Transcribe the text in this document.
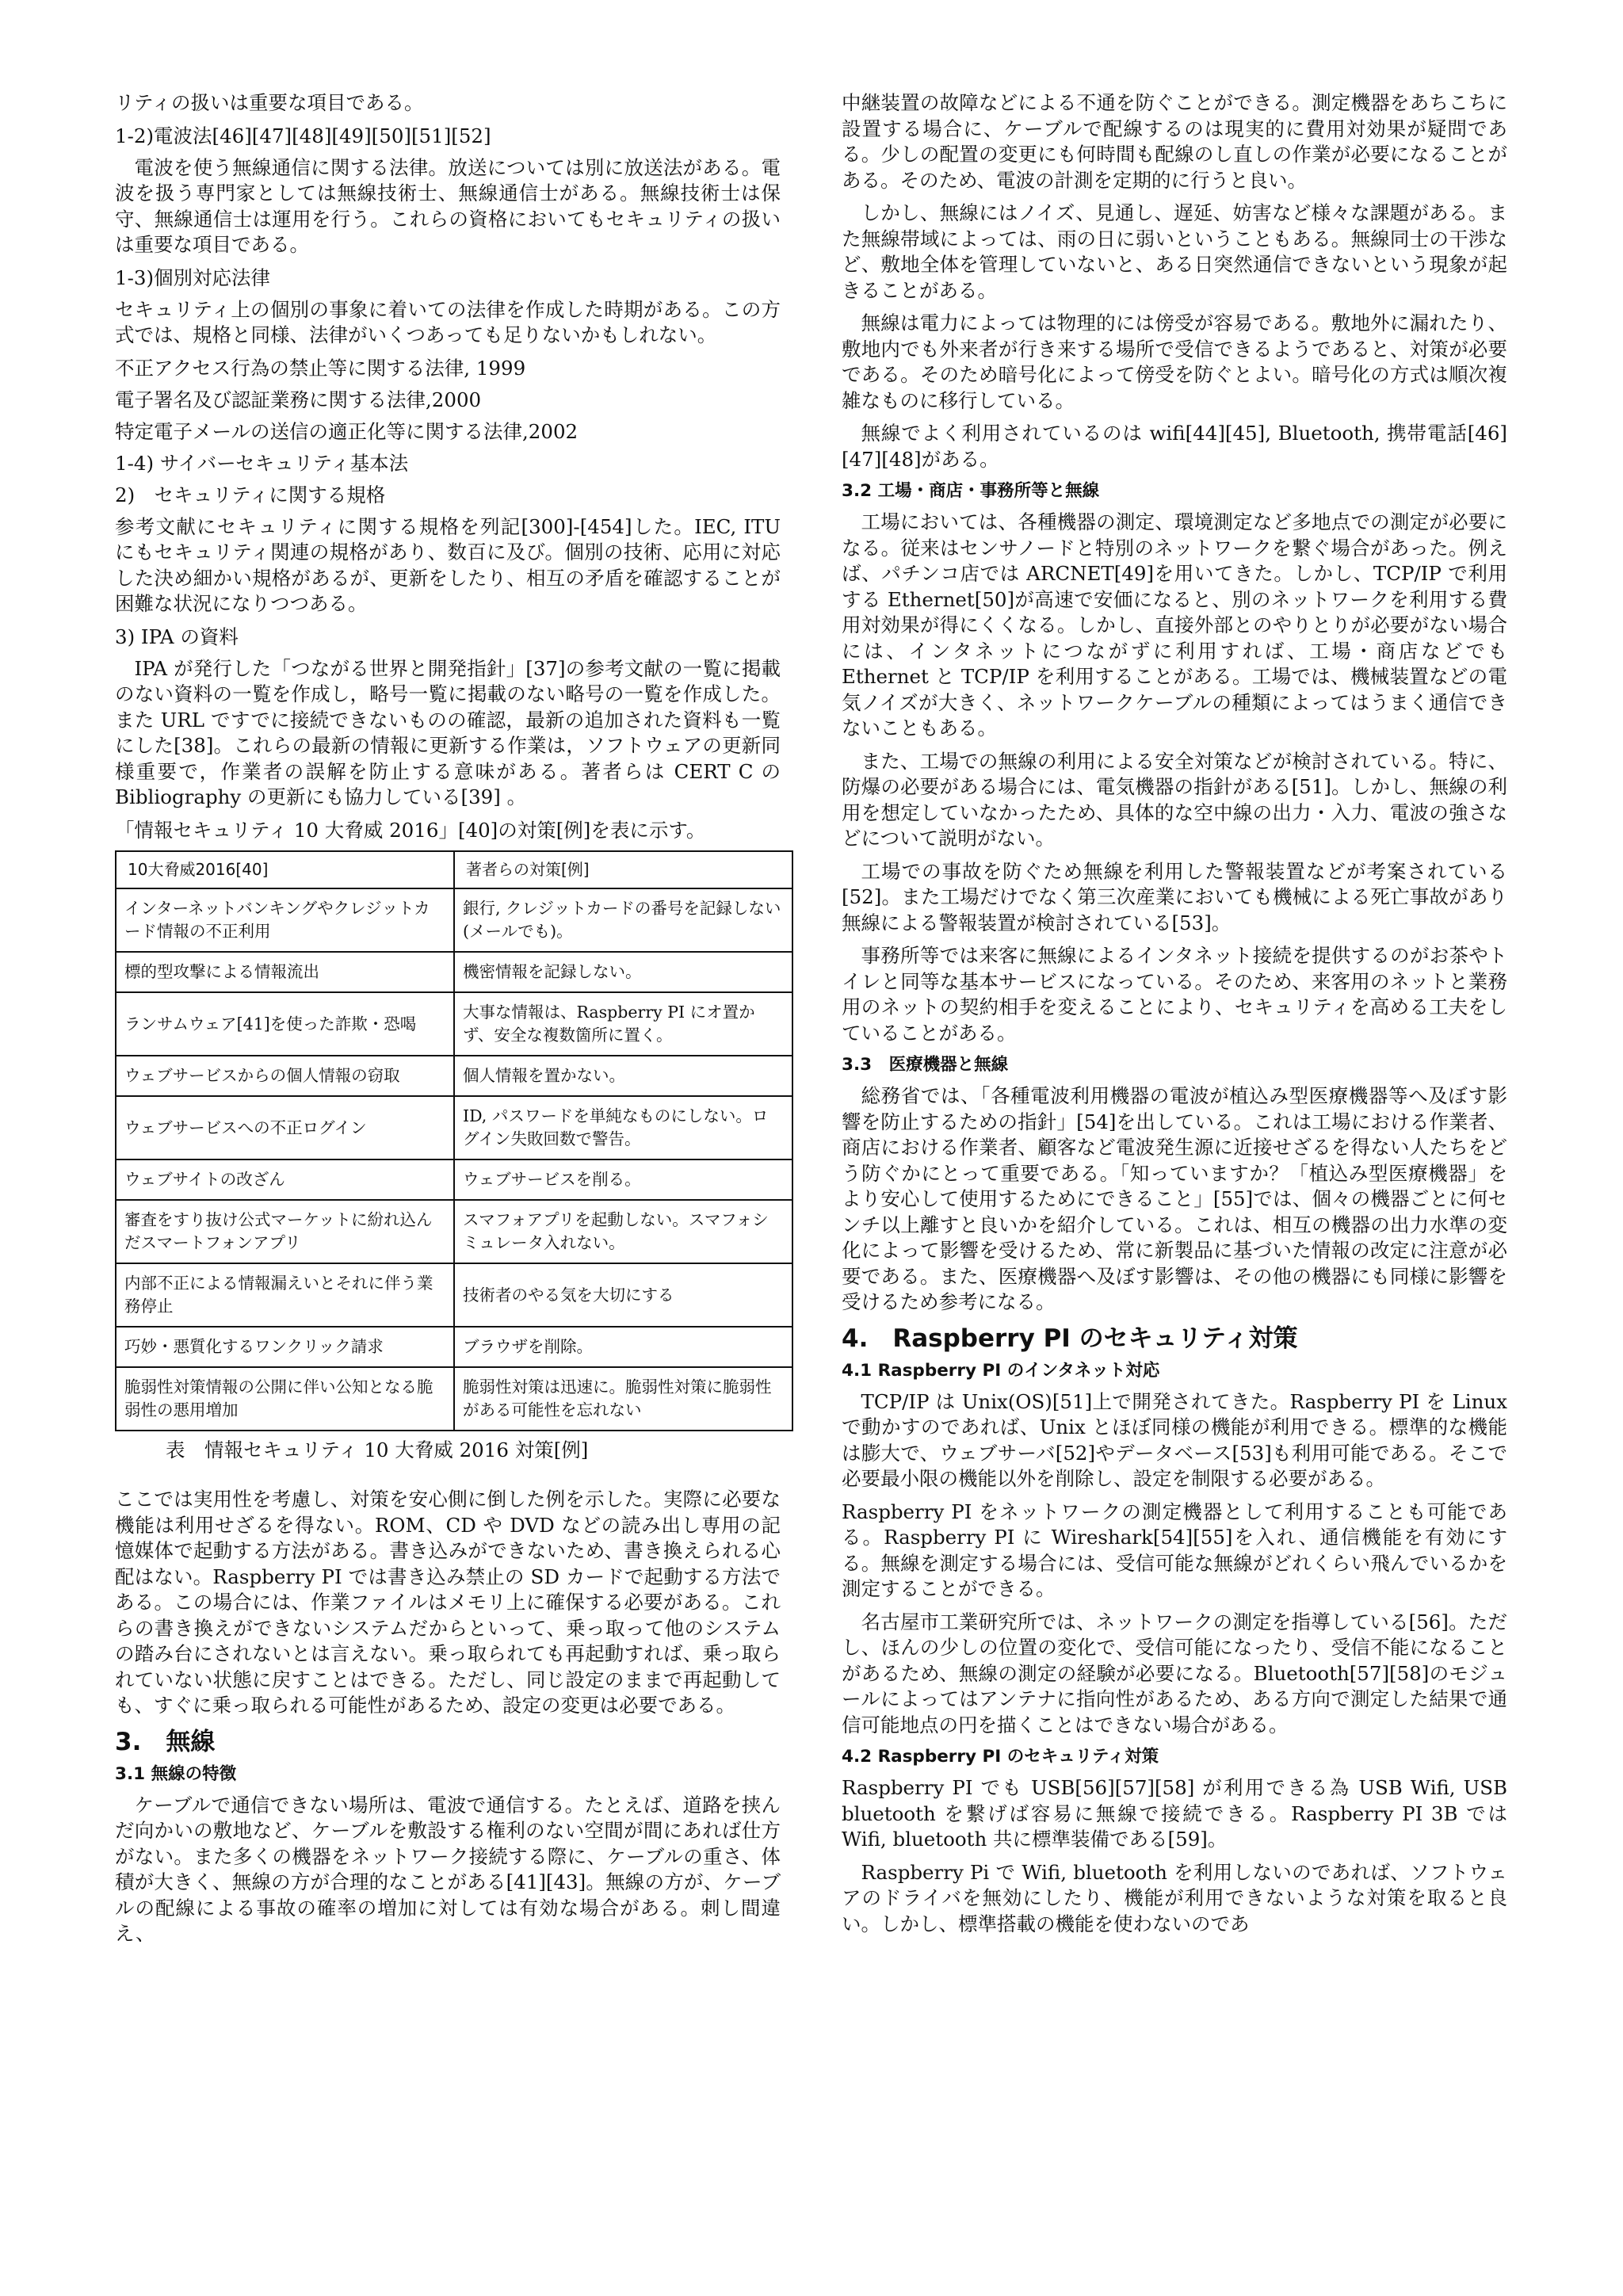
リティの扱いは重要な項目である。

1-2)電波法[46][47][48][49][50][51][52]

電波を使う無線通信に関する法律。放送については別に放送法がある。電波を扱う専門家としては無線技術士、無線通信士がある。無線技術士は保守、無線通信士は運用を行う。これらの資格においてもセキュリティの扱いは重要な項目である。

1-3)個別対応法律

セキュリティ上の個別の事象に着いての法律を作成した時期がある。この方式では、規格と同様、法律がいくつあっても足りないかもしれない。

不正アクセス行為の禁止等に関する法律, 1999
電子署名及び認証業務に関する法律,2000
特定電子メールの送信の適正化等に関する法律,2002
1-4) サイバーセキュリティ基本法
2)　セキュリティに関する規格

参考文献にセキュリティに関する規格を列記[300]-[454]した。IEC, ITU にもセキュリティ関連の規格があり、数百に及び。個別の技術、応用に対応した決め細かい規格があるが、更新をしたり、相互の矛盾を確認することが困難な状況になりつつある。

3) IPA の資料

IPA が発行した「つながる世界と開発指針」[37]の参考文献の一覧に掲載のない資料の一覧を作成し，略号一覧に掲載のない略号の一覧を作成した。また URL ですでに接続できないものの確認，最新の追加された資料も一覧にした[38]。これらの最新の情報に更新する作業は，ソフトウェアの更新同様重要で，作業者の誤解を防止する意味がある。著者らは CERT C の Bibliography の更新にも協力している[39] 。

「情報セキュリティ 10 大脅威 2016」[40]の対策[例]を表に示す。

10大脅威2016[40]	著者らの対策[例]
インターネットバンキングやクレジットカード情報の不正利用	銀行, クレジットカードの番号を記録しない(メールでも)。
標的型攻撃による情報流出	機密情報を記録しない。
ランサムウェア[41]を使った詐欺・恐喝	大事な情報は、Raspberry PI にオ置かず、安全な複数箇所に置く。
ウェブサービスからの個人情報の窃取	個人情報を置かない。
ウェブサービスへの不正ログイン	ID, パスワードを単純なものにしない。ログイン失敗回数で警告。
ウェブサイトの改ざん	ウェブサービスを削る。
審査をすり抜け公式マーケットに紛れ込んだスマートフォンアプリ	スマフォアプリを起動しない。スマフォシミュレータ入れない。
内部不正による情報漏えいとそれに伴う業務停止	技術者のやる気を大切にする
巧妙・悪質化するワンクリック請求	ブラウザを削除。
脆弱性対策情報の公開に伴い公知となる脆弱性の悪用増加	脆弱性対策は迅速に。脆弱性対策に脆弱性がある可能性を忘れない
表　情報セキュリティ 10 大脅威 2016 対策[例]

ここでは実用性を考慮し、対策を安心側に倒した例を示した。実際に必要な機能は利用せざるを得ない。ROM、CD や DVD などの読み出し専用の記憶媒体で起動する方法がある。書き込みができないため、書き換えられる心配はない。Raspberry PI では書き込み禁止の SD カードで起動する方法である。この場合には、作業ファイルはメモリ上に確保する必要がある。これらの書き換えができないシステムだからといって、乗っ取って他のシステムの踏み台にされないとは言えない。乗っ取られても再起動すれば、乗っ取られていない状態に戻すことはできる。ただし、同じ設定のままで再起動しても、すぐに乗っ取られる可能性があるため、設定の変更は必要である。

3.　無線
3.1 無線の特徴

ケーブルで通信できない場所は、電波で通信する。たとえば、道路を挟んだ向かいの敷地など、ケーブルを敷設する権利のない空間が間にあれば仕方がない。また多くの機器をネットワーク接続する際に、ケーブルの重さ、体積が大きく、無線の方が合理的なことがある[41][43]。無線の方が、ケーブルの配線による事故の確率の増加に対しては有効な場合がある。刺し間違え、

中継装置の故障などによる不通を防ぐことができる。測定機器をあちこちに設置する場合に、ケーブルで配線するのは現実的に費用対効果が疑問である。少しの配置の変更にも何時間も配線のし直しの作業が必要になることがある。そのため、電波の計測を定期的に行うと良い。

しかし、無線にはノイズ、見通し、遅延、妨害など様々な課題がある。また無線帯域によっては、雨の日に弱いということもある。無線同士の干渉など、敷地全体を管理していないと、ある日突然通信できないという現象が起きることがある。

無線は電力によっては物理的には傍受が容易である。敷地外に漏れたり、敷地内でも外来者が行き来する場所で受信できるようであると、対策が必要である。そのため暗号化によって傍受を防ぐとよい。暗号化の方式は順次複雑なものに移行している。

無線でよく利用されているのは wifi[44][45], Bluetooth, 携帯電話[46][47][48]がある。

3.2 工場・商店・事務所等と無線

工場においては、各種機器の測定、環境測定など多地点での測定が必要になる。従来はセンサノードと特別のネットワークを繋ぐ場合があった。例えば、パチンコ店では ARCNET[49]を用いてきた。しかし、TCP/IP で利用する Ethernet[50]が高速で安価になると、別のネットワークを利用する費用対効果が得にくくなる。しかし、直接外部とのやりとりが必要がない場合には、インタネットにつながずに利用すれば、工場・商店などでも Ethernet と TCP/IP を利用することがある。工場では、機械装置などの電気ノイズが大きく、ネットワークケーブルの種類によってはうまく通信できないこともある。

また、工場での無線の利用による安全対策などが検討されている。特に、防爆の必要がある場合には、電気機器の指針がある[51]。しかし、無線の利用を想定していなかったため、具体的な空中線の出力・入力、電波の強さなどについて説明がない。

工場での事故を防ぐため無線を利用した警報装置などが考案されている[52]。また工場だけでなく第三次産業においても機械による死亡事故があり無線による警報装置が検討されている[53]。

事務所等では来客に無線によるインタネット接続を提供するのがお茶やトイレと同等な基本サービスになっている。そのため、来客用のネットと業務用のネットの契約相手を変えることにより、セキュリティを高める工夫をしていることがある。

3.3　医療機器と無線

総務省では、「各種電波利用機器の電波が植込み型医療機器等へ及ぼす影響を防止するための指針」[54]を出している。これは工場における作業者、商店における作業者、顧客など電波発生源に近接せざるを得ない人たちをどう防ぐかにとって重要である。「知っていますか？「植込み型医療機器」をより安心して使用するためにできること」[55]では、個々の機器ごとに何センチ以上離すと良いかを紹介している。これは、相互の機器の出力水準の変化によって影響を受けるため、常に新製品に基づいた情報の改定に注意が必要である。また、医療機器へ及ぼす影響は、その他の機器にも同様に影響を受けるため参考になる。

4.　Raspberry PI のセキュリティ対策
4.1 Raspberry PI のインタネット対応

TCP/IP は Unix(OS)[51]上で開発されてきた。Raspberry PI を Linux で動かすのであれば、Unix とほぼ同様の機能が利用できる。標準的な機能は膨大で、ウェブサーバ[52]やデータベース[53]も利用可能である。そこで必要最小限の機能以外を削除し、設定を制限する必要がある。

Raspberry PI をネットワークの測定機器として利用することも可能である。Raspberry PI に Wireshark[54][55]を入れ、通信機能を有効にする。無線を測定する場合には、受信可能な無線がどれくらい飛んでいるかを測定することができる。

名古屋市工業研究所では、ネットワークの測定を指導している[56]。ただし、ほんの少しの位置の変化で、受信可能になったり、受信不能になることがあるため、無線の測定の経験が必要になる。Bluetooth[57][58]のモジュールによってはアンテナに指向性があるため、ある方向で測定した結果で通信可能地点の円を描くことはできない場合がある。

4.2 Raspberry PI のセキュリティ対策

Raspberry PI でも USB[56][57][58] が利用できる為 USB Wifi, USB bluetooth を繋げば容易に無線で接続できる。Raspberry PI 3B では Wifi, bluetooth 共に標準装備である[59]。

Raspberry Pi で Wifi, bluetooth を利用しないのであれば、ソフトウェアのドライバを無効にしたり、機能が利用できないような対策を取ると良い。しかし、標準搭載の機能を使わないのであ
